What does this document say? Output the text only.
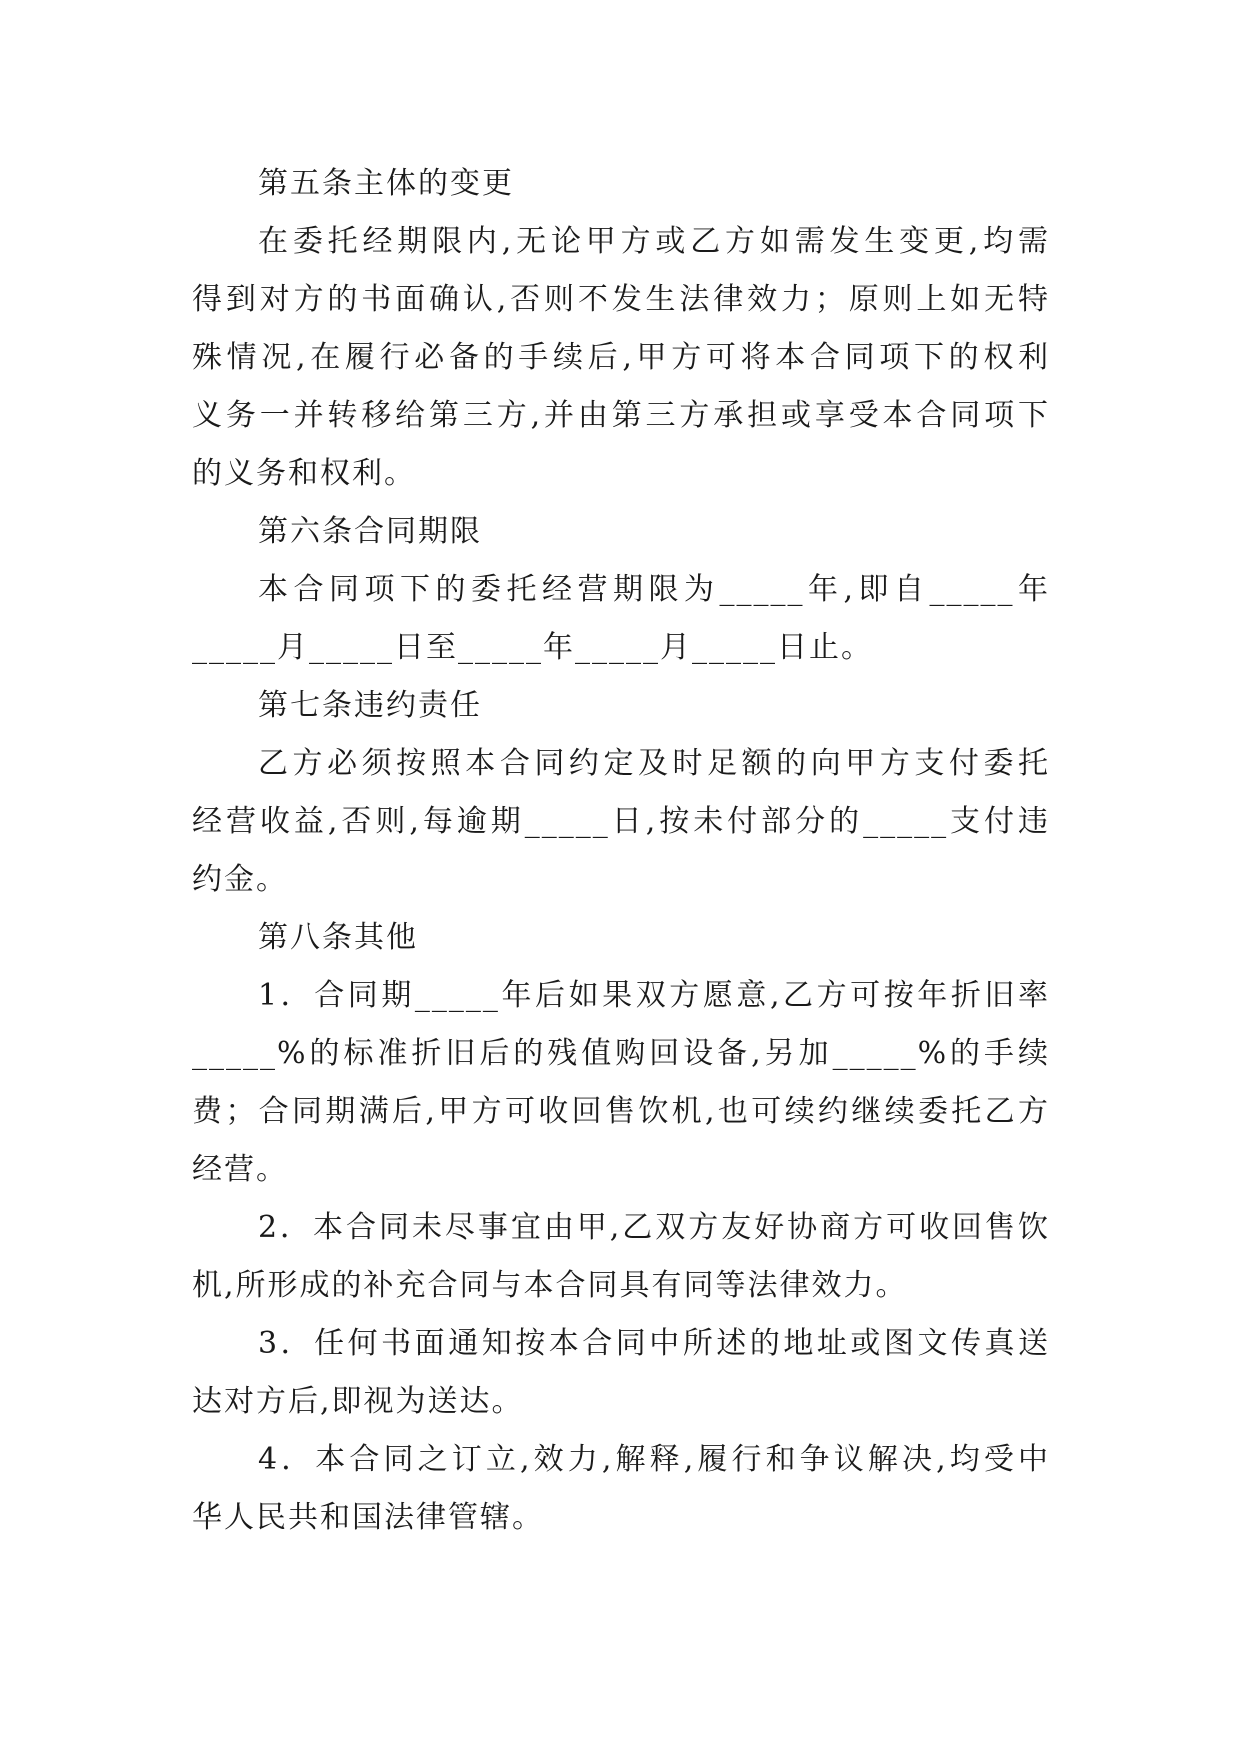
第五条主体的变更
在委托经期限内,无论甲方或乙方如需发生变更,均需
得到对方的书面确认,否则不发生法律效力；原则上如无特
殊情况,在履行必备的手续后,甲方可将本合同项下的权利
义务一并转移给第三方,并由第三方承担或享受本合同项下
的义务和权利。
第六条合同期限
本合同项下的委托经营期限为_____年,即自_____年
_____月_____日至_____年_____月_____日止。
第七条违约责任
乙方必须按照本合同约定及时足额的向甲方支付委托
经营收益,否则,每逾期_____日,按未付部分的_____支付违
约金。
第八条其他
1．合同期_____年后如果双方愿意,乙方可按年折旧率
_____%的标准折旧后的残值购回设备,另加_____%的手续
费；合同期满后,甲方可收回售饮机,也可续约继续委托乙方
经营。
2．本合同未尽事宜由甲,乙双方友好协商方可收回售饮
机,所形成的补充合同与本合同具有同等法律效力。
3．任何书面通知按本合同中所述的地址或图文传真送
达对方后,即视为送达。
4．本合同之订立,效力,解释,履行和争议解决,均受中
华人民共和国法律管辖。
